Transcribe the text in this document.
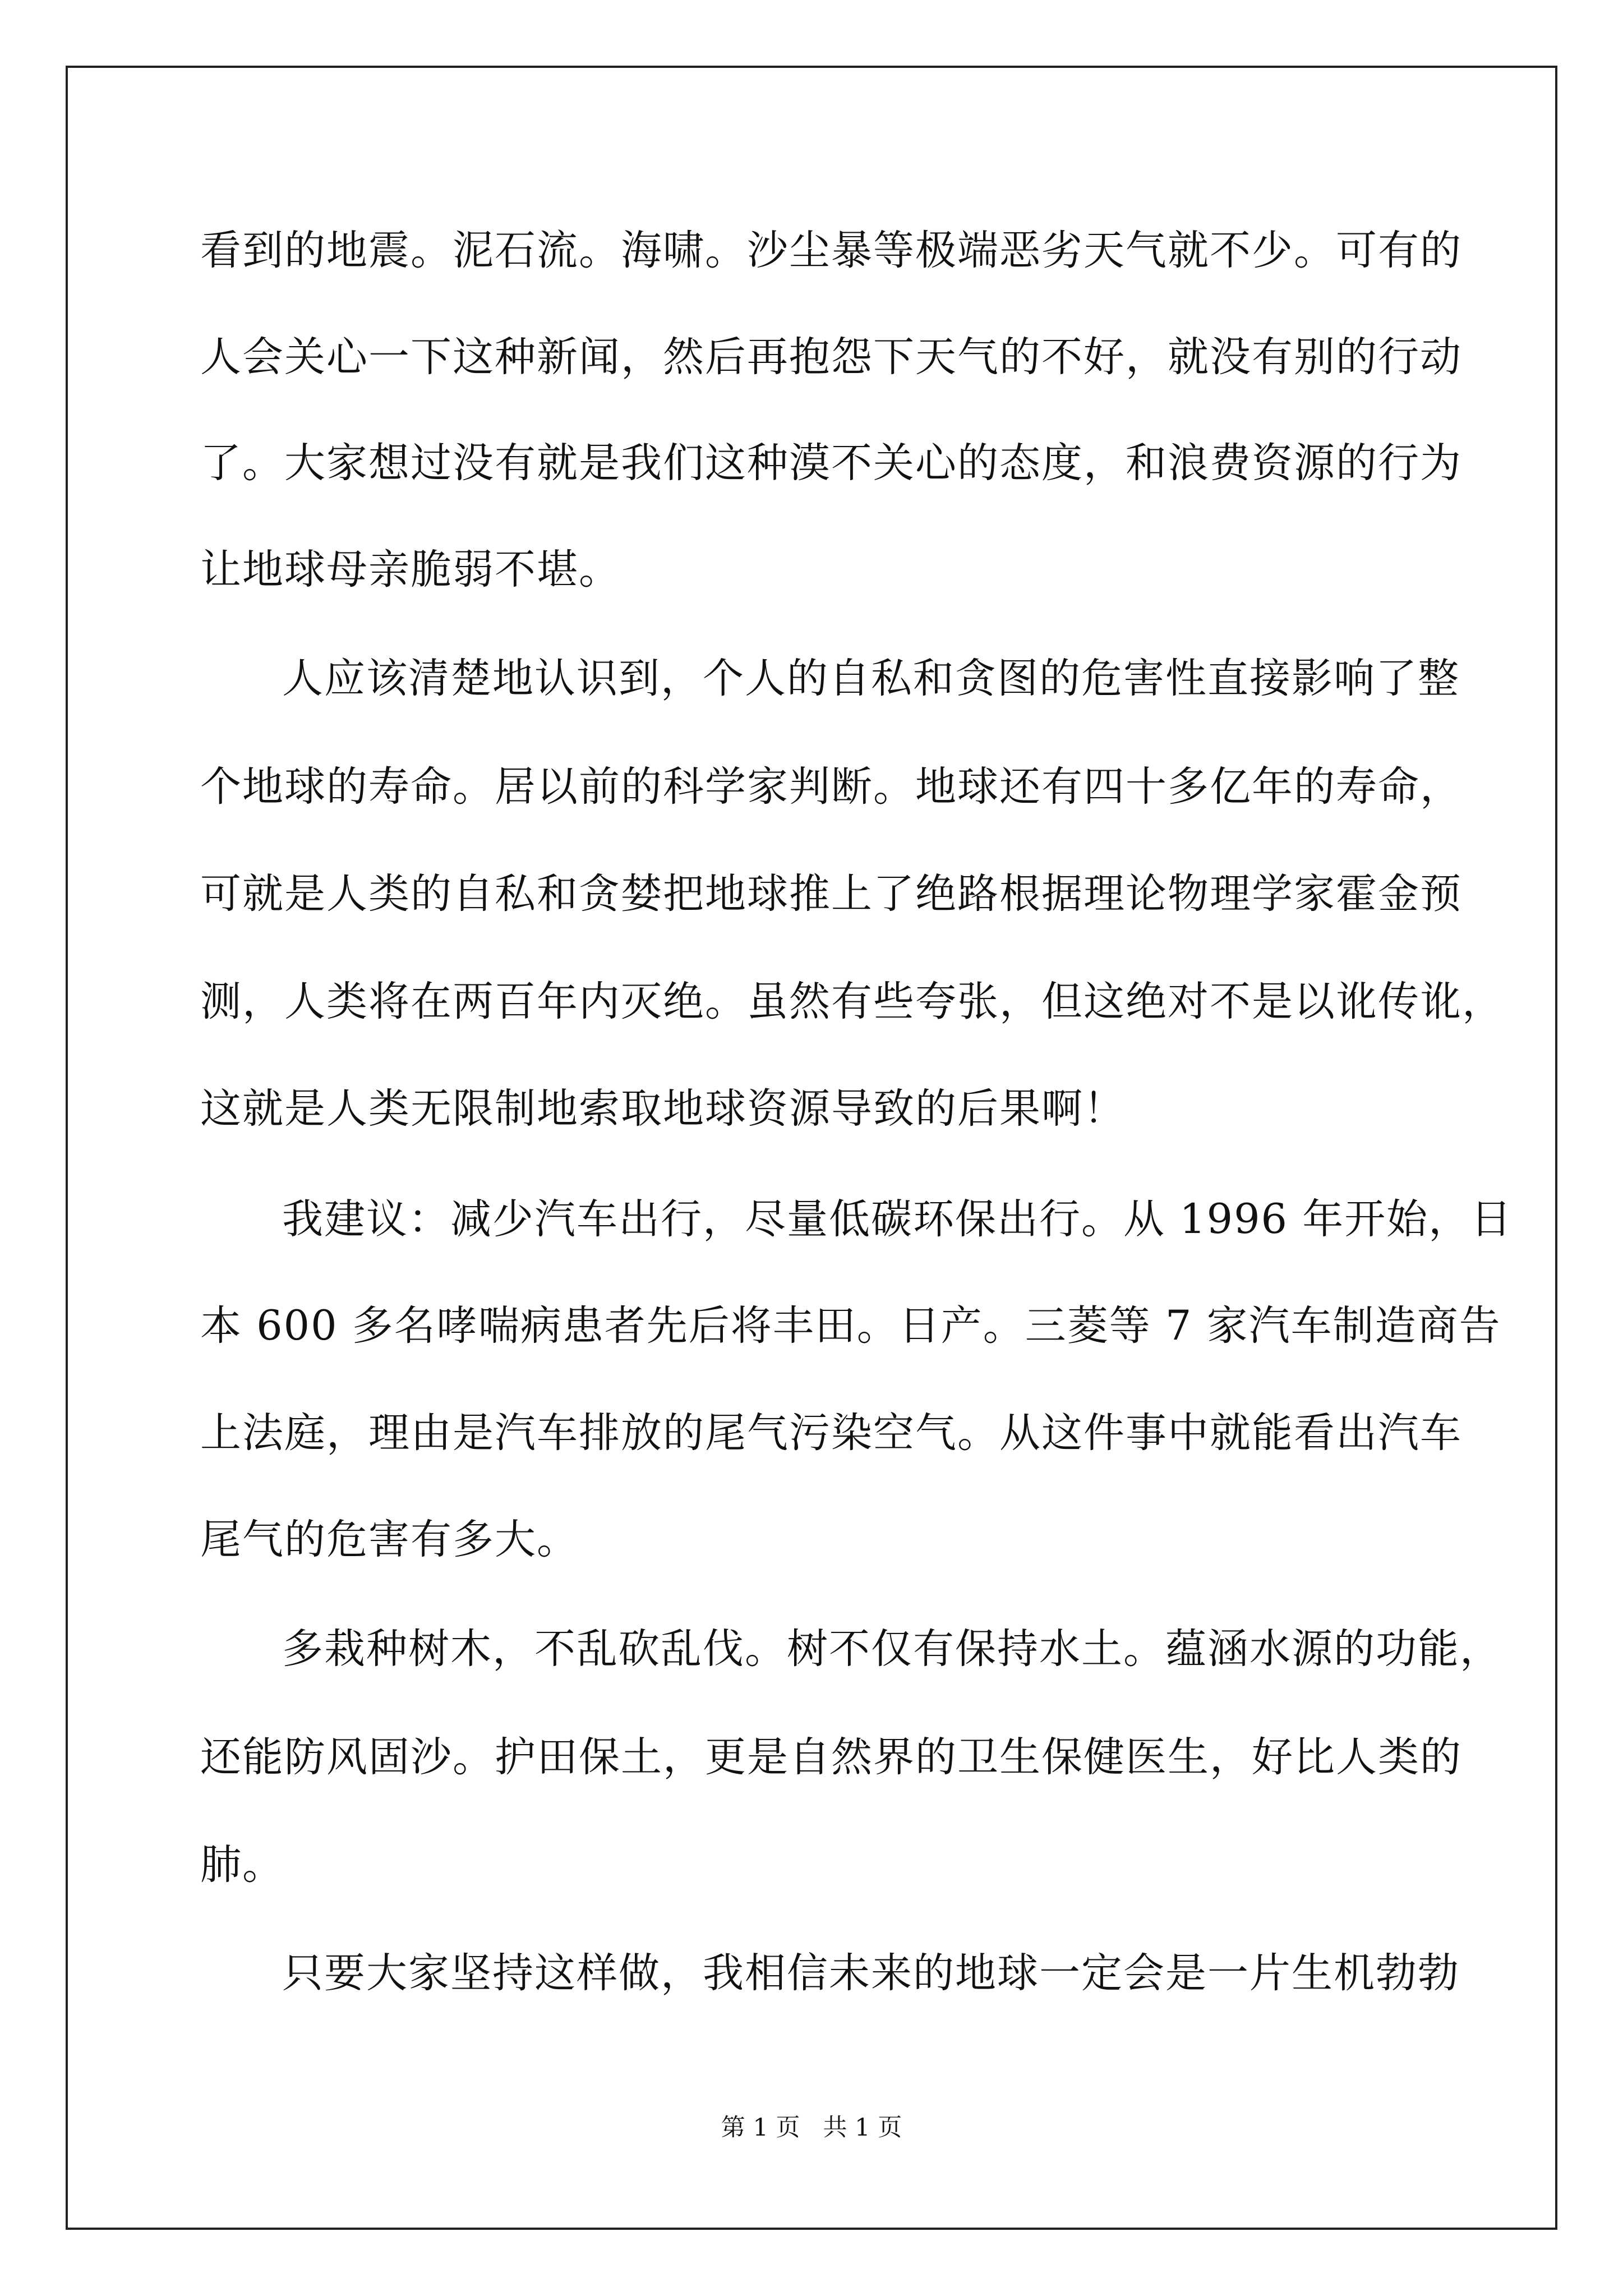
看到的地震。泥石流。海啸。沙尘暴等极端恶劣天气就不少。可有的
人会关心一下这种新闻，然后再抱怨下天气的不好，就没有别的行动
了。大家想过没有就是我们这种漠不关心的态度，和浪费资源的行为
让地球母亲脆弱不堪。
人应该清楚地认识到，个人的自私和贪图的危害性直接影响了整
个地球的寿命。居以前的科学家判断。地球还有四十多亿年的寿命，
可就是人类的自私和贪婪把地球推上了绝路根据理论物理学家霍金预
测，人类将在两百年内灭绝。虽然有些夸张，但这绝对不是以讹传讹，
这就是人类无限制地索取地球资源导致的后果啊！
我建议：减少汽车出行，尽量低碳环保出行。从 1996 年开始，日
本 600 多名哮喘病患者先后将丰田。日产。三菱等 7 家汽车制造商告
上法庭，理由是汽车排放的尾气污染空气。从这件事中就能看出汽车
尾气的危害有多大。
多栽种树木，不乱砍乱伐。树不仅有保持水土。蕴涵水源的功能，
还能防风固沙。护田保土，更是自然界的卫生保健医生，好比人类的
肺。
只要大家坚持这样做，我相信未来的地球一定会是一片生机勃勃
第 1 页   共 1 页
